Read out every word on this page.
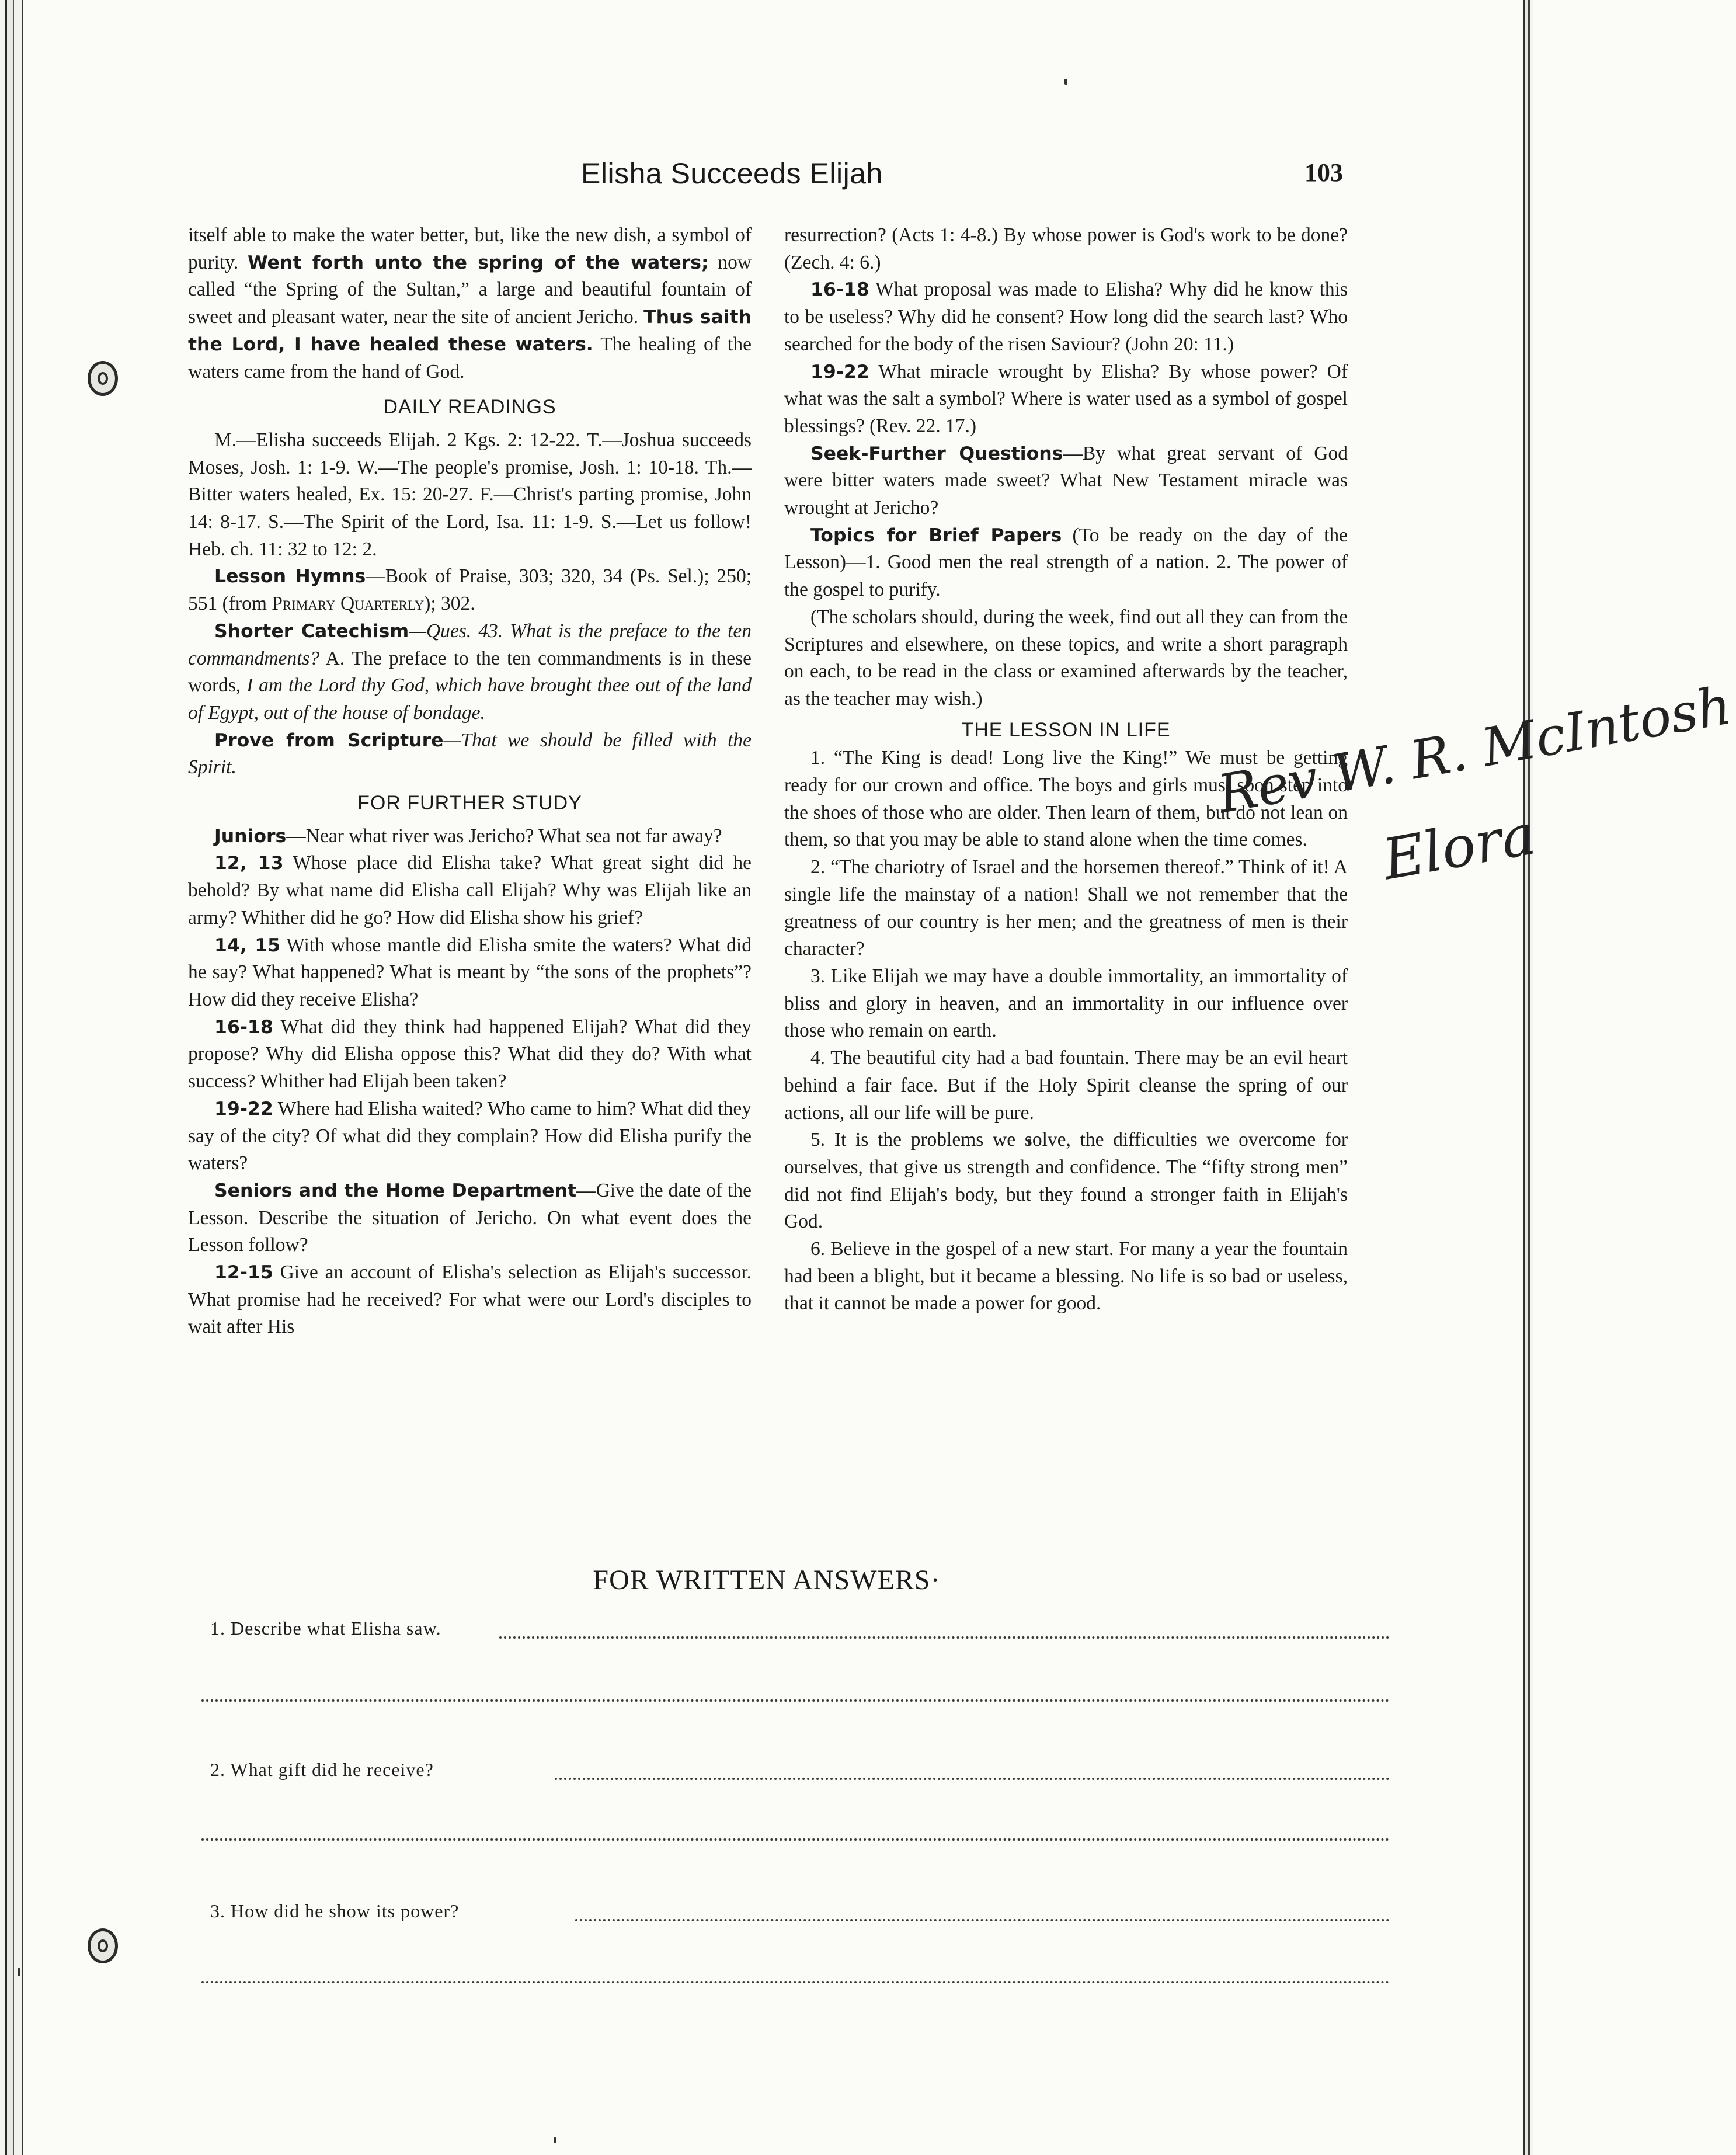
Elisha Succeeds Elijah	103

itself able to make the water better, but, like the new dish, a symbol of purity. Went forth unto the spring of the waters; now called “the Spring of the Sultan,” a large and beautiful fountain of sweet and pleasant water, near the site of ancient Jericho. Thus saith the Lord, I have healed these waters. The healing of the waters came from the hand of God.

DAILY READINGS

M.—Elisha succeeds Elijah. 2 Kgs. 2: 12-22. T.—Joshua succeeds Moses, Josh. 1: 1-9. W.—The people's promise, Josh. 1: 10-18. Th.—Bitter waters healed, Ex. 15: 20-27. F.—Christ's parting promise, John 14: 8-17. S.—The Spirit of the Lord, Isa. 11: 1-9. S.—Let us follow! Heb. ch. 11: 32 to 12: 2.

Lesson Hymns—Book of Praise, 303; 320, 34 (Ps. Sel.); 250; 551 (from Primary Quarterly); 302.

Shorter Catechism—Ques. 43. What is the preface to the ten commandments? A. The preface to the ten commandments is in these words, I am the Lord thy God, which have brought thee out of the land of Egypt, out of the house of bondage.

Prove from Scripture—That we should be filled with the Spirit.

FOR FURTHER STUDY

Juniors—Near what river was Jericho? What sea not far away?

12, 13 Whose place did Elisha take? What great sight did he behold? By what name did Elisha call Elijah? Why was Elijah like an army? Whither did he go? How did Elisha show his grief?

14, 15 With whose mantle did Elisha smite the waters? What did he say? What happened? What is meant by “the sons of the prophets”? How did they receive Elisha?

16-18 What did they think had happened Elijah? What did they propose? Why did Elisha oppose this? What did they do? With what success? Whither had Elijah been taken?

19-22 Where had Elisha waited? Who came to him? What did they say of the city? Of what did they complain? How did Elisha purify the waters?

Seniors and the Home Department—Give the date of the Lesson. Describe the situation of Jericho. On what event does the Lesson follow?

12-15 Give an account of Elisha's selection as Elijah's successor. What promise had he received? For what were our Lord's disciples to wait after His

resurrection? (Acts 1: 4-8.) By whose power is God's work to be done? (Zech. 4: 6.)

16-18 What proposal was made to Elisha? Why did he know this to be useless? Why did he consent? How long did the search last? Who searched for the body of the risen Saviour? (John 20: 11.)

19-22 What miracle wrought by Elisha? By whose power? Of what was the salt a symbol? Where is water used as a symbol of gospel blessings? (Rev. 22. 17.)

Seek-Further Questions—By what great servant of God were bitter waters made sweet? What New Testament miracle was wrought at Jericho?

Topics for Brief Papers (To be ready on the day of the Lesson)—1. Good men the real strength of a nation. 2. The power of the gospel to purify.

(The scholars should, during the week, find out all they can from the Scriptures and elsewhere, on these topics, and write a short paragraph on each, to be read in the class or examined afterwards by the teacher, as the teacher may wish.)

THE LESSON IN LIFE

1. “The King is dead! Long live the King!” We must be getting ready for our crown and office. The boys and girls must soon step into the shoes of those who are older. Then learn of them, but do not lean on them, so that you may be able to stand alone when the time comes.

2. “The chariotry of Israel and the horsemen thereof.” Think of it! A single life the mainstay of a nation! Shall we not remember that the greatness of our country is her men; and the greatness of men is their character?

3. Like Elijah we may have a double immortality, an immortality of bliss and glory in heaven, and an immortality in our influence over those who remain on earth.

4. The beautiful city had a bad fountain. There may be an evil heart behind a fair face. But if the Holy Spirit cleanse the spring of our actions, all our life will be pure.

5. It is the problems we solve, the difficulties we overcome for ourselves, that give us strength and confidence. The “fifty strong men” did not find Elijah's body, but they found a stronger faith in Elijah's God.

6. Believe in the gospel of a new start. For many a year the fountain had been a blight, but it became a blessing. No life is so bad or useless, that it cannot be made a power for good.

FOR WRITTEN ANSWERS·
1. Describe what Elisha saw.
2. What gift did he receive?
3. How did he show its power?
Rev W. R. McIntosh
Elora
